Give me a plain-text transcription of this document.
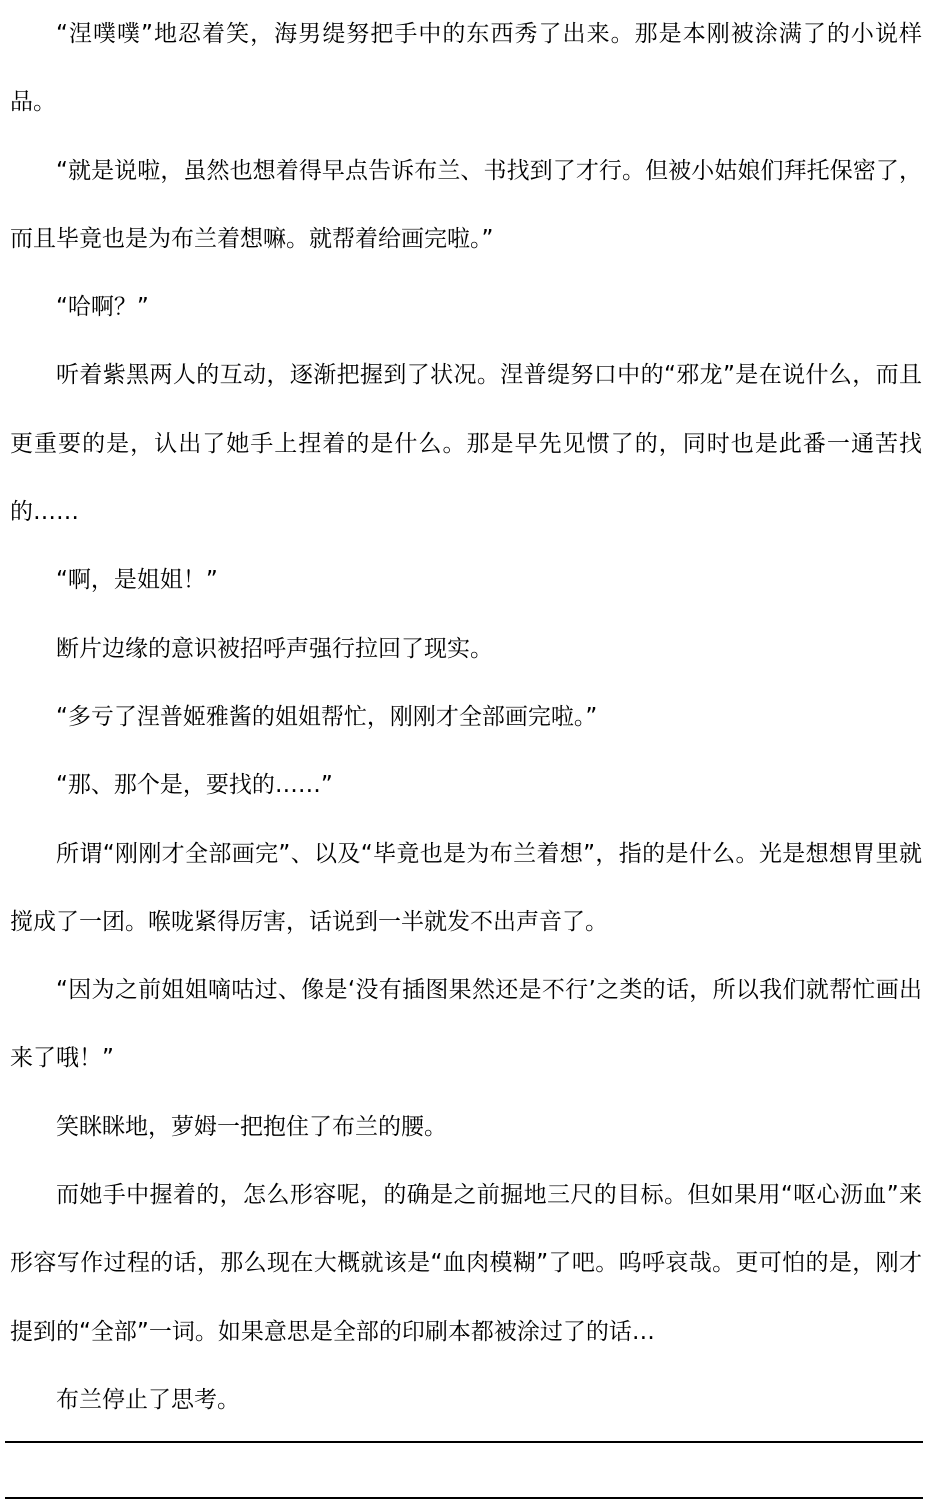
“涅噗噗”地忍着笑，海男缇努把手中的东西秀了出来。那是本刚被涂满了的小说样品。

“就是说啦，虽然也想着得早点告诉布兰、书找到了才行。但被小姑娘们拜托保密了，而且毕竟也是为布兰着想嘛。就帮着给画完啦。”

“哈啊？”

听着紫黑两人的互动，逐渐把握到了状况。涅普缇努口中的“邪龙”是在说什么，而且更重要的是，认出了她手上捏着的是什么。那是早先见惯了的，同时也是此番一通苦找的……

“啊，是姐姐！”

断片边缘的意识被招呼声强行拉回了现实。

“多亏了涅普姬雅酱的姐姐帮忙，刚刚才全部画完啦。”

“那、那个是，要找的……”

所谓“刚刚才全部画完”、以及“毕竟也是为布兰着想”，指的是什么。光是想想胃里就搅成了一团。喉咙紧得厉害，话说到一半就发不出声音了。

“因为之前姐姐嘀咕过、像是‘没有插图果然还是不行’之类的话，所以我们就帮忙画出来了哦！”

笑眯眯地，萝姆一把抱住了布兰的腰。

而她手中握着的，怎么形容呢，的确是之前掘地三尺的目标。但如果用“呕心沥血”来形容写作过程的话，那么现在大概就该是“血肉模糊”了吧。呜呼哀哉。更可怕的是，刚才提到的“全部”一词。如果意思是全部的印刷本都被涂过了的话…

布兰停止了思考。
